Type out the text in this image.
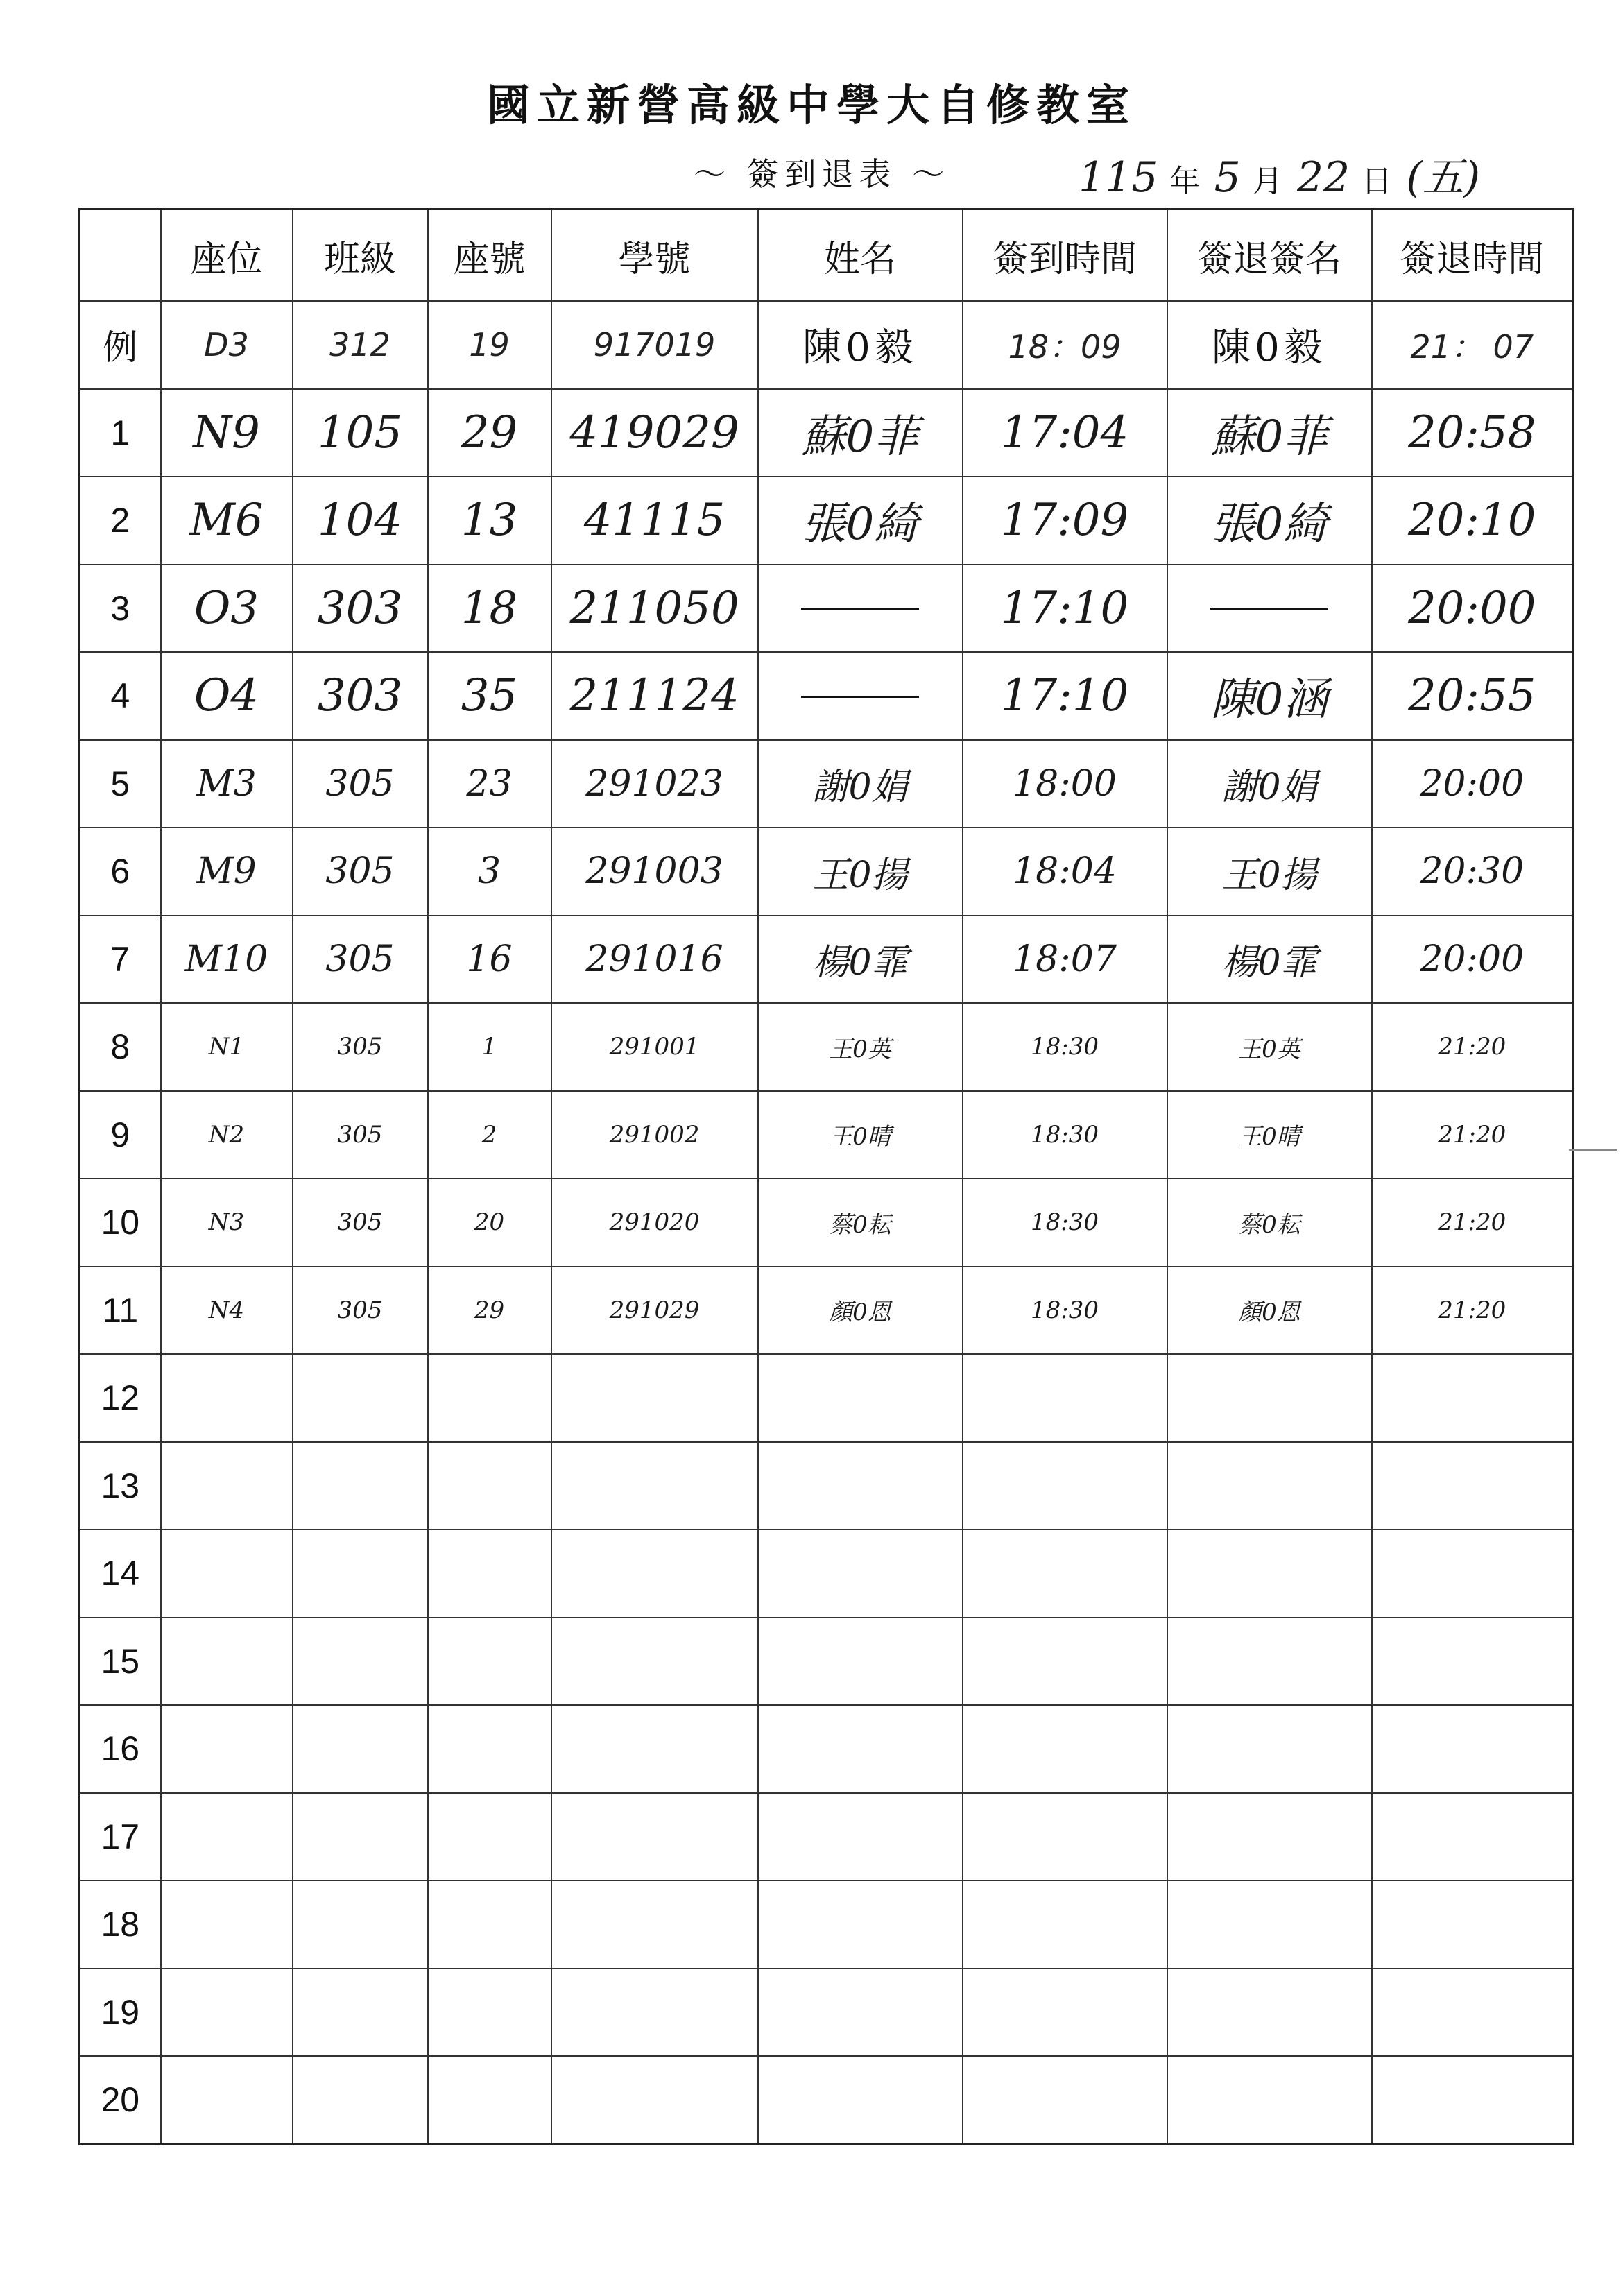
國立新營高級中學大自修教室
～ 簽到退表 ～	115 年 5 月 22 日 (五)
	座位	班級	座號	學號	姓名	簽到時間	簽退簽名	簽退時間
例	D3	312	19	917019	陳0毅	18：09	陳0毅	21： 07
1	N9	105	29	419029	蘇0菲	17:04	蘇0菲	20:58
2	M6	104	13	41115	張0綺	17:09	張0綺	20:10
3	O3	303	18	211050		17:10		20:00
4	O4	303	35	211124		17:10	陳0涵	20:55
5	M3	305	23	291023	謝0娟	18:00	謝0娟	20:00
6	M9	305	3	291003	王0揚	18:04	王0揚	20:30
7	M10	305	16	291016	楊0霏	18:07	楊0霏	20:00
8	N1	305	1	291001	王0英	18:30	王0英	21:20
9	N2	305	2	291002	王0晴	18:30	王0晴	21:20
10	N3	305	20	291020	蔡0耘	18:30	蔡0耘	21:20
11	N4	305	29	291029	顏0恩	18:30	顏0恩	21:20
12								
13								
14								
15								
16								
17								
18								
19								
20								
